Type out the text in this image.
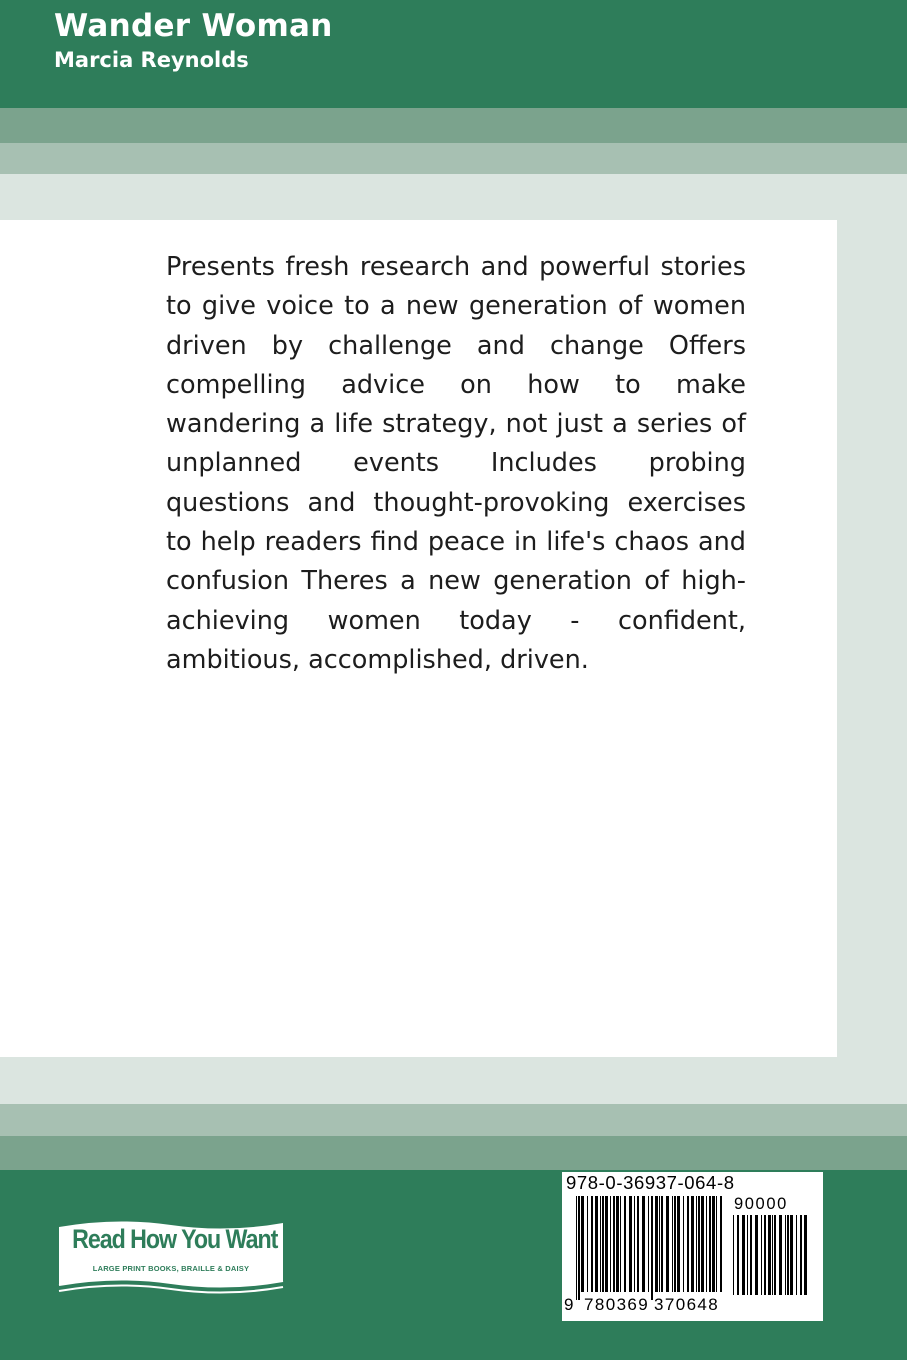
Wander Woman
Marcia Reynolds

Presents fresh research and powerful stories to give voice to a new generation of women driven by challenge and change Offers compelling advice on how to make wandering a life strategy, not just a series of unplanned events Includes probing questions and thought-provoking exercises to help readers find peace in life's chaos and confusion Theres a new generation of high-achieving women today - confident, ambitious, accomplished, driven.

Read How You Want
LARGE PRINT BOOKS, BRAILLE & DAISY
978-0-36937-064-8
90000
9 780369 370648
